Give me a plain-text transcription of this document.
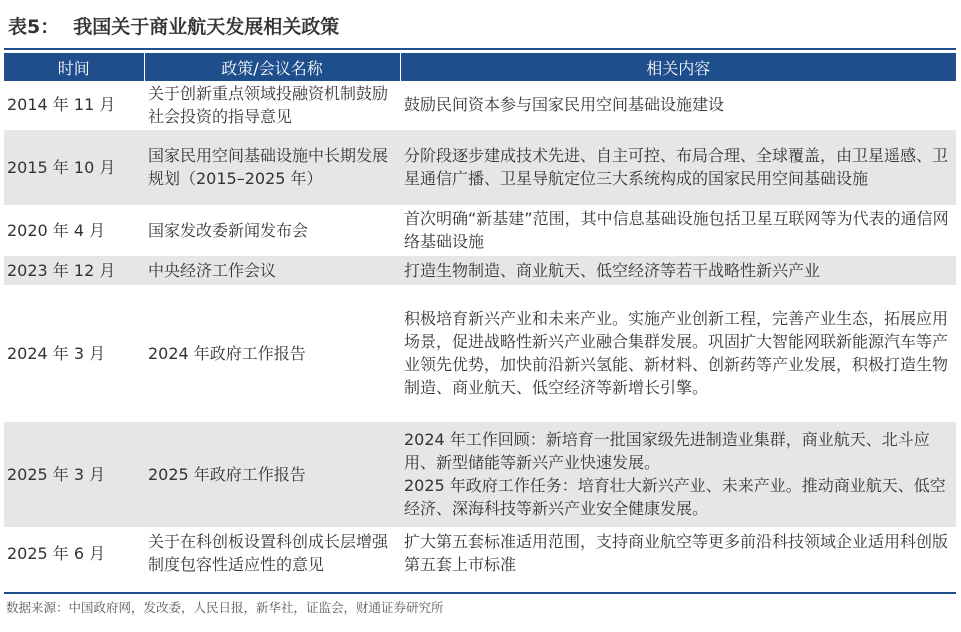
表5： 我国关于商业航天发展相关政策
时间	政策/会议名称	相关内容
2014 年 11 月	关于创新重点领域投融资机制鼓励社会投资的指导意见	鼓励民间资本参与国家民用空间基础设施建设

2015 年 10 月	国家民用空间基础设施中长期发展规划（2015–2025 年）	分阶段逐步建成技术先进、自主可控、布局合理、全球覆盖，由卫星遥感、卫星通信广播、卫星导航定位三大系统构成的国家民用空间基础设施

2020 年 4 月	国家发改委新闻发布会	首次明确“新基建”范围，其中信息基础设施包括卫星互联网等为代表的通信网络基础设施

2023 年 12 月	中央经济工作会议	打造生物制造、商业航天、低空经济等若干战略性新兴产业

2024 年 3 月	2024 年政府工作报告	积极培育新兴产业和未来产业。实施产业创新工程，完善产业生态，拓展应用场景，促进战略性新兴产业融合集群发展。巩固扩大智能网联新能源汽车等产业领先优势，加快前沿新兴氢能、新材料、创新药等产业发展，积极打造生物制造、商业航天、低空经济等新增长引擎。

2025 年 3 月	2025 年政府工作报告	2024 年工作回顾：新培育一批国家级先进制造业集群，商业航天、北斗应用、新型储能等新兴产业快速发展。
2025 年政府工作任务：培育壮大新兴产业、未来产业。推动商业航天、低空经济、深海科技等新兴产业安全健康发展。

2025 年 6 月	关于在科创板设置科创成长层增强制度包容性适应性的意见	扩大第五套标准适用范围，支持商业航空等更多前沿科技领域企业适用科创版第五套上市标准
数据来源：中国政府网，发改委，人民日报，新华社，证监会，财通证券研究所
